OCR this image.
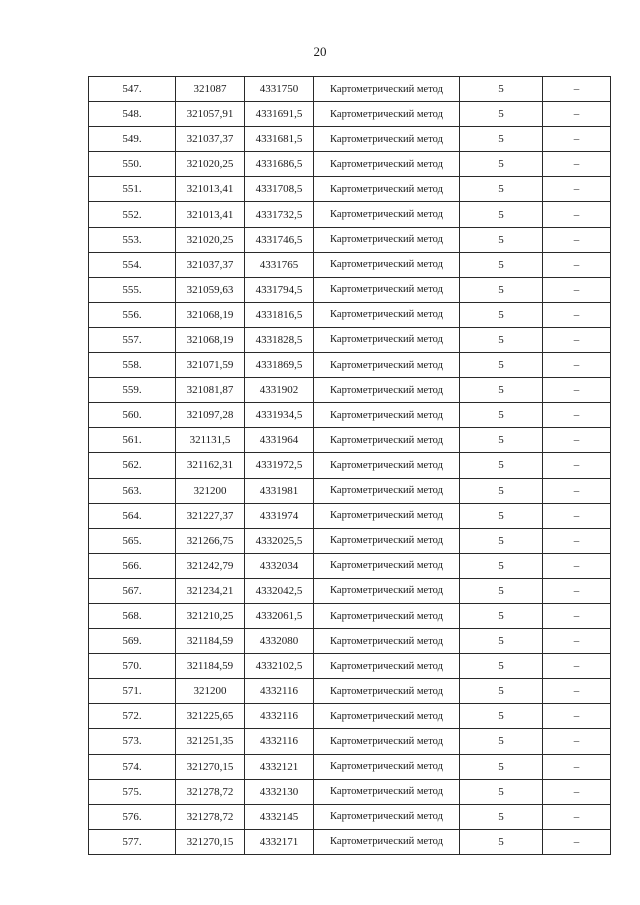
20
547.	321087	4331750	Картометрический метод	5	–
548.	321057,91	4331691,5	Картометрический метод	5	–
549.	321037,37	4331681,5	Картометрический метод	5	–
550.	321020,25	4331686,5	Картометрический метод	5	–
551.	321013,41	4331708,5	Картометрический метод	5	–
552.	321013,41	4331732,5	Картометрический метод	5	–
553.	321020,25	4331746,5	Картометрический метод	5	–
554.	321037,37	4331765	Картометрический метод	5	–
555.	321059,63	4331794,5	Картометрический метод	5	–
556.	321068,19	4331816,5	Картометрический метод	5	–
557.	321068,19	4331828,5	Картометрический метод	5	–
558.	321071,59	4331869,5	Картометрический метод	5	–
559.	321081,87	4331902	Картометрический метод	5	–
560.	321097,28	4331934,5	Картометрический метод	5	–
561.	321131,5	4331964	Картометрический метод	5	–
562.	321162,31	4331972,5	Картометрический метод	5	–
563.	321200	4331981	Картометрический метод	5	–
564.	321227,37	4331974	Картометрический метод	5	–
565.	321266,75	4332025,5	Картометрический метод	5	–
566.	321242,79	4332034	Картометрический метод	5	–
567.	321234,21	4332042,5	Картометрический метод	5	–
568.	321210,25	4332061,5	Картометрический метод	5	–
569.	321184,59	4332080	Картометрический метод	5	–
570.	321184,59	4332102,5	Картометрический метод	5	–
571.	321200	4332116	Картометрический метод	5	–
572.	321225,65	4332116	Картометрический метод	5	–
573.	321251,35	4332116	Картометрический метод	5	–
574.	321270,15	4332121	Картометрический метод	5	–
575.	321278,72	4332130	Картометрический метод	5	–
576.	321278,72	4332145	Картометрический метод	5	–
577.	321270,15	4332171	Картометрический метод	5	–
